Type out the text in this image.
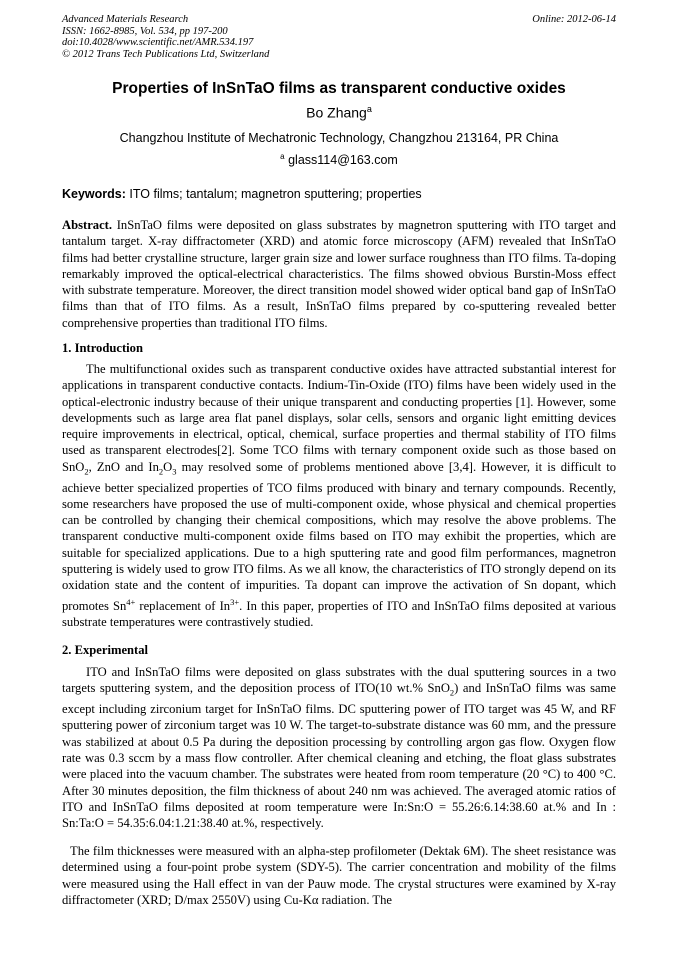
Advanced Materials Research
ISSN: 1662-8985, Vol. 534, pp 197-200
doi:10.4028/www.scientific.net/AMR.534.197
© 2012 Trans Tech Publications Ltd, Switzerland
Online: 2012-06-14
Properties of InSnTaO films as transparent conductive oxides
Bo Zhang$^a$
Changzhou Institute of Mechatronic Technology, Changzhou 213164, PR China
$^a$ glass114@163.com
Keywords: ITO films; tantalum; magnetron sputtering; properties
Abstract. InSnTaO films were deposited on glass substrates by magnetron sputtering with ITO target and tantalum target. X-ray diffractometer (XRD) and atomic force microscopy (AFM) revealed that InSnTaO films had better crystalline structure, larger grain size and lower surface roughness than ITO films. Ta-doping remarkably improved the optical-electrical characteristics. The films showed obvious Burstin-Moss effect with substrate temperature. Moreover, the direct transition model showed wider optical band gap of InSnTaO films than that of ITO films. As a result, InSnTaO films prepared by co-sputtering revealed better comprehensive properties than traditional ITO films.
1. Introduction
The multifunctional oxides such as transparent conductive oxides have attracted substantial interest for applications in transparent conductive contacts. Indium-Tin-Oxide (ITO) films have been widely used in the optical-electronic industry because of their unique transparent and conducting properties [1]. However, some developments such as large area flat panel displays, solar cells, sensors and organic light emitting devices require improvements in electrical, optical, chemical, surface properties and thermal stability of ITO films used as transparent electrodes[2]. Some TCO films with ternary component oxide such as those based on SnO$_2$, ZnO and $In_2O_3$ may resolved some of problems mentioned above [3,4]. However, it is difficult to achieve better specialized properties of TCO films produced with binary and ternary compounds. Recently, some researchers have proposed the use of multi-component oxide, whose physical and chemical properties can be controlled by changing their chemical compositions, which may resolve the above problems. The transparent conductive multi-component oxide films based on ITO may exhibit the properties, which are suitable for specialized applications. Due to a high sputtering rate and good film performances, magnetron sputtering is widely used to grow ITO films. As we all know, the characteristics of ITO strongly depend on its oxidation state and the content of impurities. Ta dopant can improve the activation of Sn dopant, which promotes $Sn^{4+}$ replacement of $In^{3+}$. In this paper, properties of ITO and InSnTaO films deposited at various substrate temperatures were contrastively studied.
2. Experimental
ITO and InSnTaO films were deposited on glass substrates with the dual sputtering sources in a two targets sputtering system, and the deposition process of ITO(10 wt.% SnO$_2$) and InSnTaO films was same except including zirconium target for InSnTaO films. DC sputtering power of ITO target was 45 W, and RF sputtering power of zirconium target was 10 W. The target-to-substrate distance was 60 mm, and the pressure was stabilized at about 0.5 Pa during the deposition processing by controlling argon gas flow. Oxygen flow rate was 0.3 sccm by a mass flow controller. After chemical cleaning and etching, the float glass substrates were placed into the vacuum chamber. The substrates were heated from room temperature (20 °C) to 400 °C. After 30 minutes deposition, the film thickness of about 240 nm was achieved. The averaged atomic ratios of ITO and InSnTaO films deposited at room temperature were In:Sn:O = 55.26:6.14:38.60 at.% and In : Sn:Ta:O = 54.35:6.04:1.21:38.40 at.%, respectively.
The film thicknesses were measured with an alpha-step profilometer (Dektak 6M). The sheet resistance was determined using a four-point probe system (SDY-5). The carrier concentration and mobility of the films were measured using the Hall effect in van der Pauw mode. The crystal structures were examined by X-ray diffractometer (XRD; D/max 2550V) using Cu-Kα radiation. The
